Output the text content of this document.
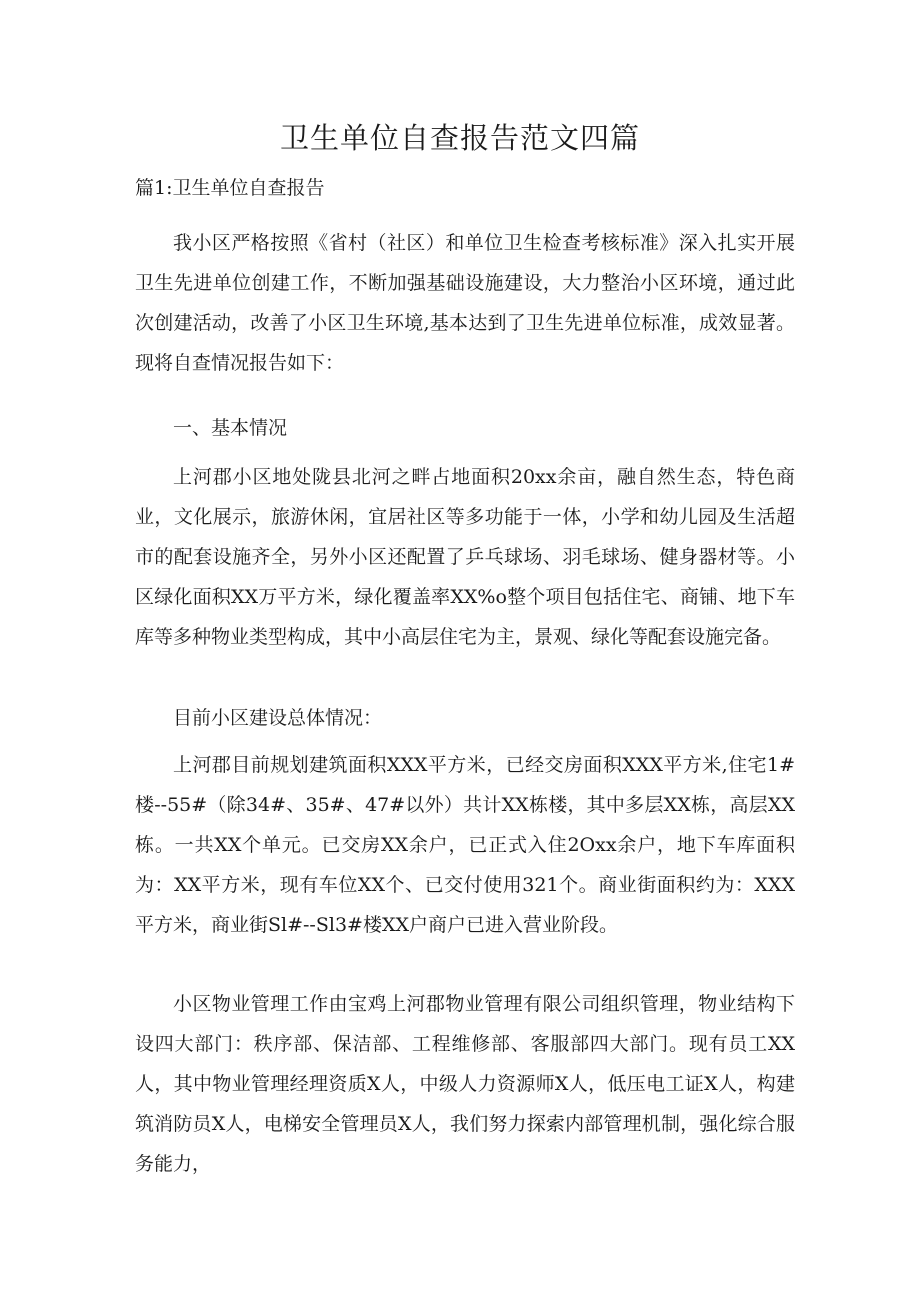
卫生单位自查报告范文四篇
篇1:卫生单位自查报告

我小区严格按照《省村（社区）和单位卫生检查考核标准》深入扎实开展卫生先进单位创建工作，不断加强基础设施建设，大力整治小区环境，通过此次创建活动，改善了小区卫生环境,基本达到了卫生先进单位标准，成效显著。现将自查情况报告如下：

一、基本情况

上河郡小区地处陇县北河之畔占地面积20xx余亩，融自然生态，特色商业，文化展示，旅游休闲，宜居社区等多功能于一体，小学和幼儿园及生活超市的配套设施齐全，另外小区还配置了乒乓球场、羽毛球场、健身器材等。小区绿化面积XX万平方米，绿化覆盖率XX%o整个项目包括住宅、商铺、地下车库等多种物业类型构成，其中小高层住宅为主，景观、绿化等配套设施完备。

目前小区建设总体情况：

上河郡目前规划建筑面积XXX平方米，已经交房面积XXX平方米,住宅1#楼--55#（除34#、35#、47#以外）共计XX栋楼，其中多层XX栋，高层XX栋。一共XX个单元。已交房XX余户，已正式入住2Oxx余户，地下车库面积为：XX平方米，现有车位XX个、已交付使用321个。商业街面积约为：XXX平方米，商业街Sl#--Sl3#楼XX户商户已进入营业阶段。

小区物业管理工作由宝鸡上河郡物业管理有限公司组织管理，物业结构下设四大部门：秩序部、保洁部、工程维修部、客服部四大部门。现有员工XX人，其中物业管理经理资质X人，中级人力资源师X人，低压电工证X人，构建筑消防员X人，电梯安全管理员X人，我们努力探索内部管理机制，强化综合服务能力，
